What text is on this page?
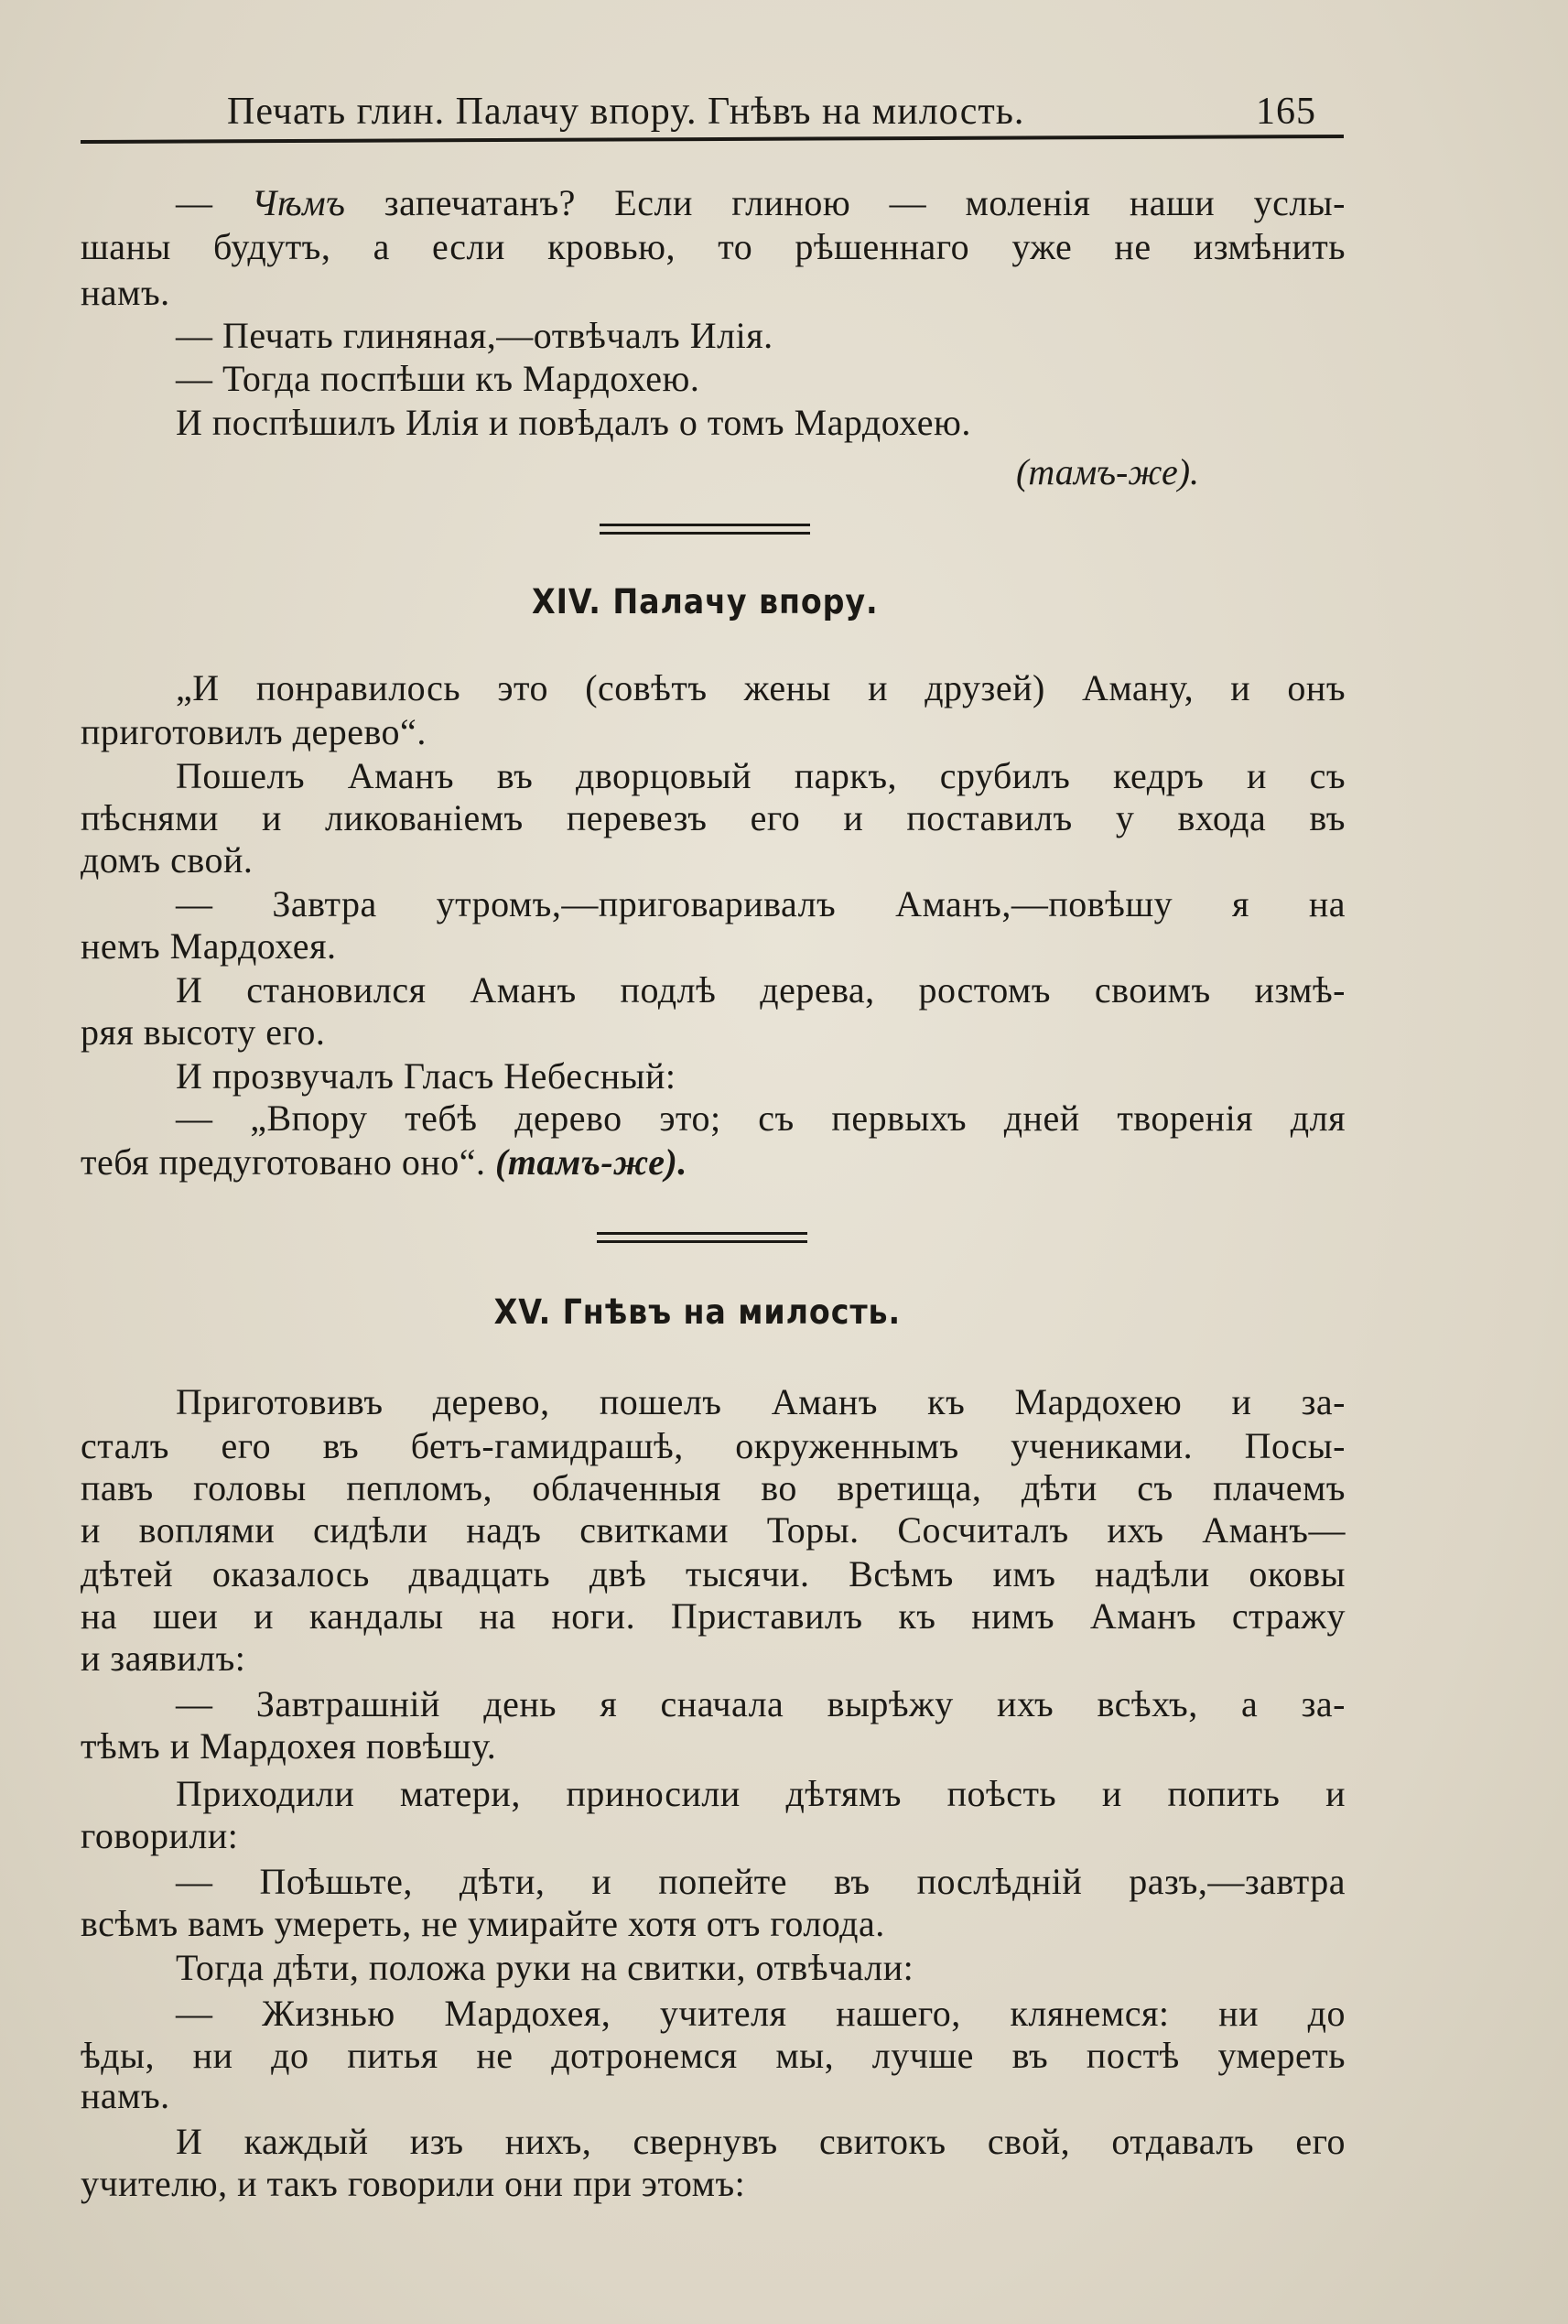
Печать глин. Палачу впору. Гнѣвъ на милость.	165

— Чѣмъ запечатанъ? Если глиною — моленія наши услы-

шаны будутъ, а если кровью, то рѣшеннаго уже не измѣнить

намъ.

— Печать глиняная,—отвѣчалъ Илія.

— Тогда поспѣши къ Мардохею.

И поспѣшилъ Илія и повѣдалъ о томъ Мардохею.

(тамъ-же).
XIV. Палачу впору.

„И понравилось это (совѣтъ жены и друзей) Аману, и онъ

приготовилъ дерево“.

Пошелъ Аманъ въ дворцовый паркъ, срубилъ кедръ и съ

пѣснями и ликованіемъ перевезъ его и поставилъ у входа въ

домъ свой.

— Завтра утромъ,—приговаривалъ Аманъ,—повѣшу я на

немъ Мардохея.

И становился Аманъ подлѣ дерева, ростомъ своимъ измѣ-

ряя высоту его.

И прозвучалъ Гласъ Небесный:

— „Впору тебѣ дерево это; съ первыхъ дней творенія для

тебя предуготовано оно“. (тамъ-же).

XV. Гнѣвъ на милость.

Приготовивъ дерево, пошелъ Аманъ къ Мардохею и за-

сталъ его въ бетъ-гамидрашѣ, окруженнымъ учениками. Посы-

павъ головы пепломъ, облаченныя во вретища, дѣти съ плачемъ

и воплями сидѣли надъ свитками Торы. Сосчиталъ ихъ Аманъ—

дѣтей оказалось двадцать двѣ тысячи. Всѣмъ имъ надѣли оковы

на шеи и кандалы на ноги. Приставилъ къ нимъ Аманъ стражу

и заявилъ:

— Завтрашній день я сначала вырѣжу ихъ всѣхъ, а за-

тѣмъ и Мардохея повѣшу.

Приходили матери, приносили дѣтямъ поѣсть и попить и

говорили:

— Поѣшьте, дѣти, и попейте въ послѣдній разъ,—завтра

всѣмъ вамъ умереть, не умирайте хотя отъ голода.

Тогда дѣти, положа руки на свитки, отвѣчали:

— Жизнью Мардохея, учителя нашего, клянемся: ни до

ѣды, ни до питья не дотронемся мы, лучше въ постѣ умереть

намъ.

И каждый изъ нихъ, свернувъ свитокъ свой, отдавалъ его

учителю, и такъ говорили они при этомъ:
